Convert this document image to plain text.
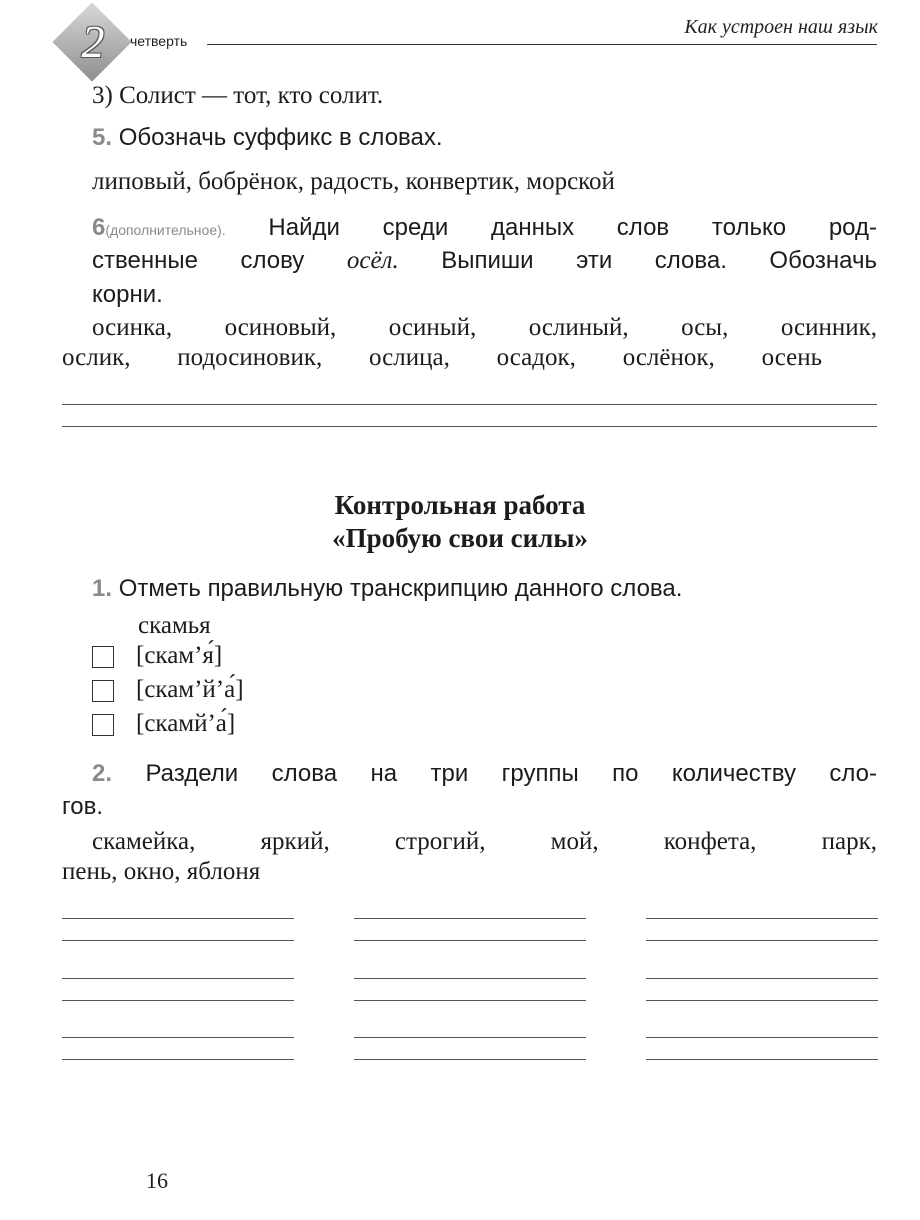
2	четверть
Как устроен наш язык
3) Солист — тот, кто солит.
5. Обозначь суффикс в словах.
липовый, бобрёнок, радость, конвертик, морской
6(дополнительное). Найди среди данных слов только род-
ственные слову осёл. Выпиши эти слова. Обозначь
корни.
осинка, осиновый, осиный, ослиный, осы, осинник,
ослик, подосиновик, ослица, осадок, ослёнок, осень
Контрольная работа
«Пробую свои силы»
1. Отметь правильную транскрипцию данного слова.
скамья
[скам’я́]
[скам’й’а́]
[скамй’а́]
2. Раздели слова на три группы по количеству сло-
гов.
скамейка, яркий, строгий, мой, конфета, парк,
пень, окно, яблоня
16
